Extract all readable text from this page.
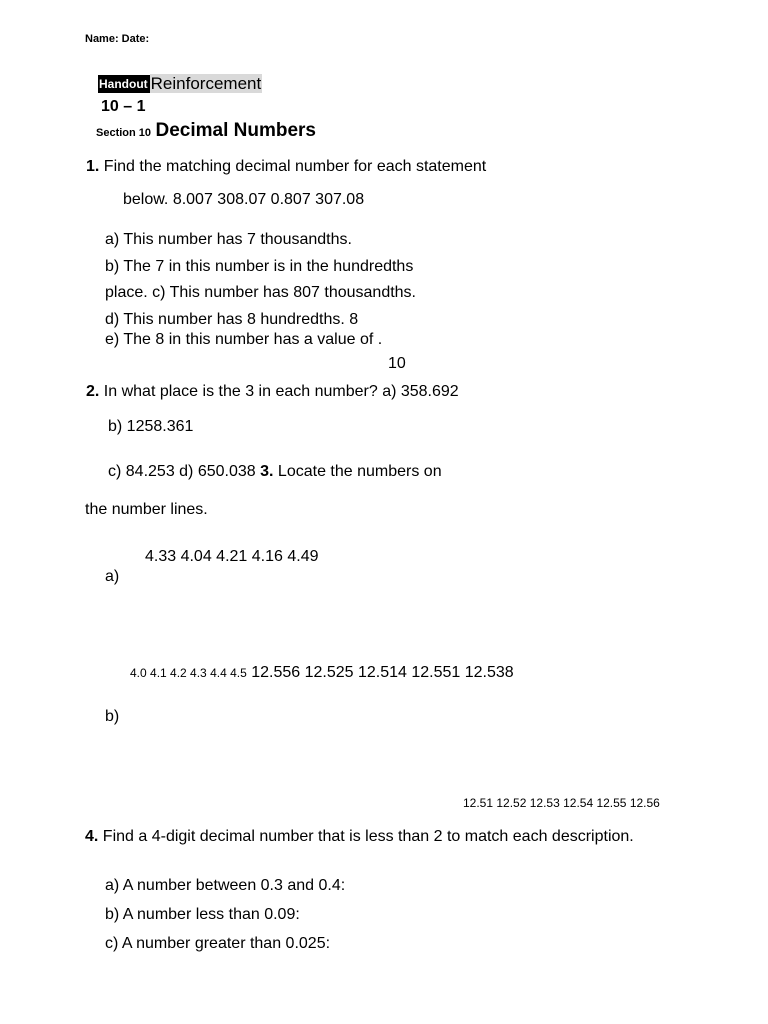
Name: Date:
Handout Reinforcement
10 – 1
Section 10 Decimal Numbers
1. Find the matching decimal number for each statement
below. 8.007 308.07 0.807 307.08
a) This number has 7 thousandths.
b) The 7 in this number is in the hundredths
place. c) This number has 807 thousandths.
d) This number has 8 hundredths. 8
e) The 8 in this number has a value of .
10
2. In what place is the 3 in each number? a) 358.692
b) 1258.361
c) 84.253 d) 650.038 3. Locate the numbers on
the number lines.
4.33 4.04 4.21 4.16 4.49
a)
4.0 4.1 4.2 4.3 4.4 4.5 12.556 12.525 12.514 12.551 12.538
b)
12.51 12.52 12.53 12.54 12.55 12.56
4. Find a 4-digit decimal number that is less than 2 to match each description.
a) A number between 0.3 and 0.4:
b) A number less than 0.09:
c) A number greater than 0.025:
